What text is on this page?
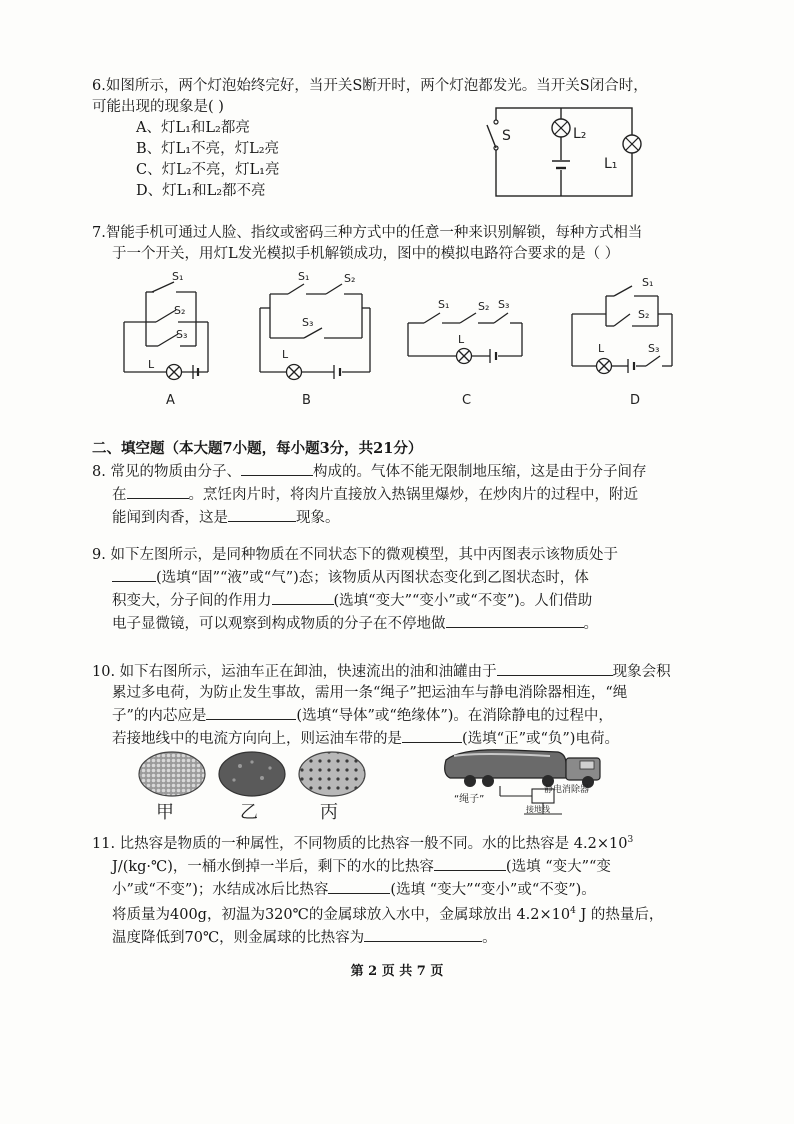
6.如图所示，两个灯泡始终完好，当开关S断开时，两个灯泡都发光。当开关S闭合时，

可能出现的现象是( )

A、灯L₁和L₂都亮

B、灯L₁不亮，灯L₂亮

C、灯L₂不亮，灯L₁亮

D、灯L₁和L₂都不亮

S	L₂
L₁

7.智能手机可通过人脸、指纹或密码三种方式中的任意一种来识别解锁，每种方式相当

于一个开关，用灯L发光模拟手机解锁成功，图中的模拟电路符合要求的是（ ）

S₁
S₂
S₃
L
A
S₁	S₂
S₃
L
B
S₁	S₂ S₃
L
C
S₁
S₂
S₃
L
D
二、填空题（本大题7小题，每小题3分，共21分）

8. 常见的物质由分子、	构成的。气体不能无限制地压缩，这是由于分子间存

在	。烹饪肉片时，将肉片直接放入热锅里爆炒，在炒肉片的过程中，附近

能闻到肉香，这是	现象。

9. 如下左图所示，是同种物质在不同状态下的微观模型，其中丙图表示该物质处于

(选填“固”“液”或“气”)态；该物质从丙图状态变化到乙图状态时，体

积变大，分子间的作用力	(选填“变大”“变小”或“不变”)。人们借助

电子显微镜，可以观察到构成物质的分子在不停地做	。

10. 如下右图所示，运油车正在卸油，快速流出的油和油罐由于	现象会积

累过多电荷，为防止发生事故，需用一条“绳子”把运油车与静电消除器相连，“绳

子”的内芯应是	(选填“导体”或“绝缘体”)。在消除静电的过程中，

若接地线中的电流方向向上，则运油车带的是	(选填“正”或“负”)电荷。

甲	乙	丙
静电消除器
“绳子”
接地线

11. 比热容是物质的一种属性，不同物质的比热容一般不同。水的比热容是 $4.2\times 10^3$

J/(kg·℃)，一桶水倒掉一半后，剩下的水的比热容	(选填 “变大”“变

小”或“不变”)；水结成冰后比热容	(选填 “变大”“变小”或“不变”)。

将质量为400g，初温为320℃的金属球放入水中，金属球放出 $4.2\times 10^4$ J 的热量后，

温度降低到70℃，则金属球的比热容为	。

第 2 页 共 7 页
